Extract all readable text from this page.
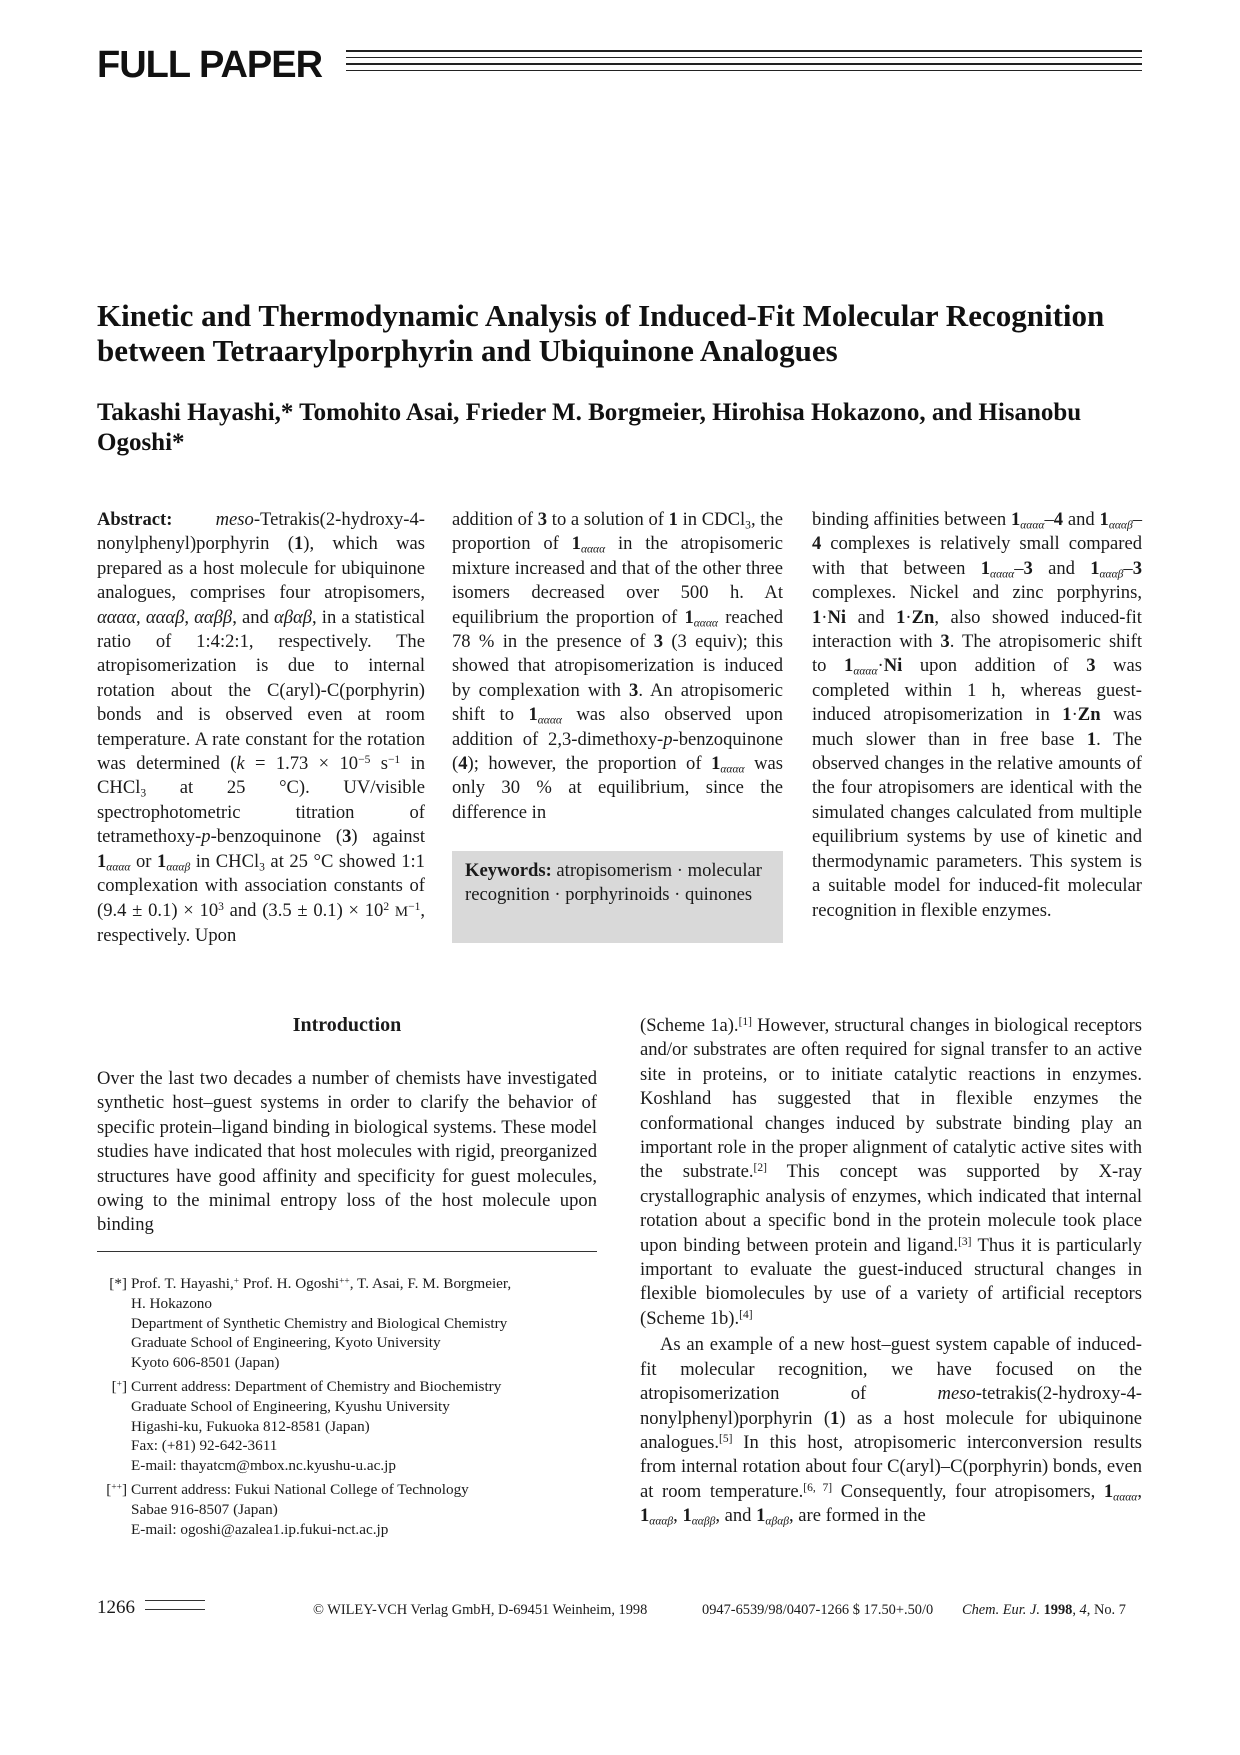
FULL PAPER
Kinetic and Thermodynamic Analysis of Induced-Fit Molecular Recognition between Tetraarylporphyrin and Ubiquinone Analogues
Takashi Hayashi,* Tomohito Asai, Frieder M. Borgmeier, Hirohisa Hokazono, and Hisanobu Ogoshi*

Abstract: meso-Tetrakis(2-hydroxy-4-nonylphenyl)porphyrin (1), which was prepared as a host molecule for ubiquinone analogues, comprises four atropisomers, αααα, αααβ, ααββ, and αβαβ, in a statistical ratio of 1:4:2:1, respectively. The atropisomerization is due to internal rotation about the C(aryl)‑C(porphyrin) bonds and is observed even at room temperature. A rate constant for the rotation was determined ($k = 1.73 \times 10^{-5}$ $s^{-1}$ in CHCl$_3$ at 25 °C). UV/visible spectrophotometric titration of tetramethoxy-p-benzoquinone (3) against $1_{\alpha\alpha\alpha\alpha}$ or $1_{\alpha\alpha\alpha\beta}$ in CHCl$_3$ at 25 °C showed 1:1 complexation with association constants of $(9.4 \pm 0.1) \times 10^3$ and $(3.5 \pm 0.1) \times 10^2$ $M^{-1}$, respectively. Upon

addition of 3 to a solution of 1 in CDCl$_3$, the proportion of $1_{\alpha\alpha\alpha\alpha}$ in the atropisomeric mixture increased and that of the other three isomers decreased over 500 h. At equilibrium the proportion of $1_{\alpha\alpha\alpha\alpha}$ reached 78 % in the presence of 3 (3 equiv); this showed that atropisomerization is induced by complexation with 3. An atropisomeric shift to $1_{\alpha\alpha\alpha\alpha}$ was also observed upon addition of 2,3-dimethoxy-p-benzoquinone (4); however, the proportion of $1_{\alpha\alpha\alpha\alpha}$ was only 30 % at equilibrium, since the difference in

Keywords: atropisomerism · molecular recognition · porphyrinoids · quinones

binding affinities between $1_{\alpha\alpha\alpha\alpha}-4$ and $1_{\alpha\alpha\alpha\beta}-4$ complexes is relatively small compared with that between $1_{\alpha\alpha\alpha\alpha}-3$ and $1_{\alpha\alpha\alpha\beta}-3$ complexes. Nickel and zinc porphyrins, 1·Ni and 1·Zn, also showed induced-fit interaction with 3. The atropisomeric shift to $1_{\alpha\alpha\alpha\alpha}\cdot Ni$ upon addition of 3 was completed within 1 h, whereas guest-induced atropisomerization in 1·Zn was much slower than in free base 1. The observed changes in the relative amounts of the four atropisomers are identical with the simulated changes calculated from multiple equilibrium systems by use of kinetic and thermodynamic parameters. This system is a suitable model for induced-fit molecular recognition in flexible enzymes.

Introduction

Over the last two decades a number of chemists have investigated synthetic host–guest systems in order to clarify the behavior of specific protein–ligand binding in biological systems. These model studies have indicated that host molecules with rigid, preorganized structures have good affinity and specificity for guest molecules, owing to the minimal entropy loss of the host molecule upon binding

[*] Prof. T. Hayashi,+ Prof. H. Ogoshi++, T. Asai, F. M. Borgmeier,
H. Hokazono
Department of Synthetic Chemistry and Biological Chemistry
Graduate School of Engineering, Kyoto University
Kyoto 606-8501 (Japan)
[+] Current address: Department of Chemistry and Biochemistry
Graduate School of Engineering, Kyushu University
Higashi-ku, Fukuoka 812-8581 (Japan)
Fax: (+81) 92-642-3611
E-mail: thayatcm@mbox.nc.kyushu-u.ac.jp
[++] Current address: Fukui National College of Technology
Sabae 916-8507 (Japan)
E-mail: ogoshi@azalea1.ip.fukui-nct.ac.jp

(Scheme 1a).[1] However, structural changes in biological receptors and/or substrates are often required for signal transfer to an active site in proteins, or to initiate catalytic reactions in enzymes. Koshland has suggested that in flexible enzymes the conformational changes induced by substrate binding play an important role in the proper alignment of catalytic active sites with the substrate.[2] This concept was supported by X-ray crystallographic analysis of enzymes, which indicated that internal rotation about a specific bond in the protein molecule took place upon binding between protein and ligand.[3] Thus it is particularly important to evaluate the guest-induced structural changes in flexible biomolecules by use of a variety of artificial receptors (Scheme 1b).[4]

As an example of a new host–guest system capable of induced-fit molecular recognition, we have focused on the atropisomerization of meso-tetrakis(2-hydroxy-4-nonylphenyl)porphyrin (1) as a host molecule for ubiquinone analogues.[5] In this host, atropisomeric interconversion results from internal rotation about four C(aryl)–C(porphyrin) bonds, even at room temperature.[6, 7] Consequently, four atropisomers, $1_{\alpha\alpha\alpha\alpha}$, $1_{\alpha\alpha\alpha\beta}$, $1_{\alpha\alpha\beta\beta}$, and $1_{\alpha\beta\alpha\beta}$, are formed in the

1266	© WILEY-VCH Verlag GmbH, D-69451 Weinheim, 1998	0947-6539/98/0407-1266 $ 17.50+.50/0 Chem. Eur. J. 1998, 4, No. 7
